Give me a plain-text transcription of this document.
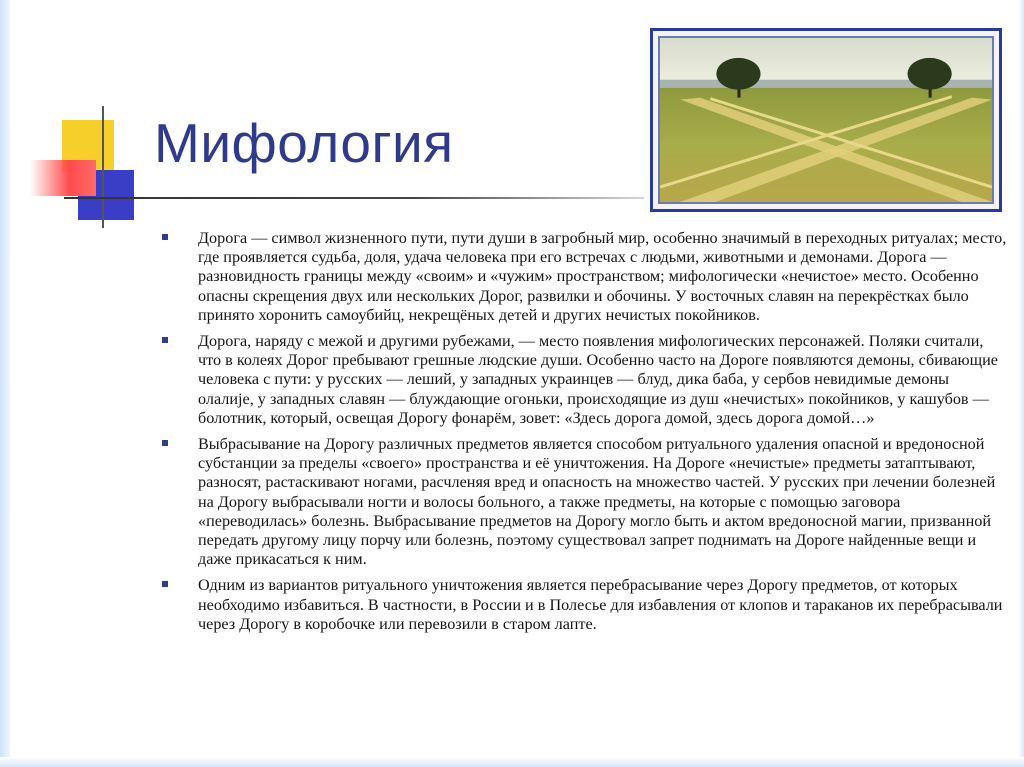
Мифология
Дорога — символ жизненного пути, пути души в загробный мир, особенно значимый в переходных ритуалах; место, где проявляется судьба, доля, удача человека при его встречах с людьми, животными и демонами. Дорога — разновидность границы между «своим» и «чужим» пространством; мифологически «нечистое» место. Особенно опасны скрещения двух или нескольких Дорог, развилки и обочины. У восточных славян на перекрёстках было принято хоронить самоубийц, некрещёных детей и других нечистых покойников.
Дорога, наряду с межой и другими рубежами, — место появления мифологических персонажей. Поляки считали, что в колеях Дорог пребывают грешные людские души. Особенно часто на Дороге появляются демоны, сбивающие человека с пути: у русских — леший, у западных украинцев — блуд, дика баба, у сербов невидимые демоны олалије, у западных славян — блуждающие огоньки, происходящие из душ «нечистых» покойников, у кашубов — болотник, который, освещая Дорогу фонарём, зовет: «Здесь дорога домой, здесь дорога домой…»
Выбрасывание на Дорогу различных предметов является способом ритуального удаления опасной и вредоносной субстанции за пределы «своего» пространства и её уничтожения. На Дороге «нечистые» предметы затаптывают, разносят, растаскивают ногами, расчленяя вред и опасность на множество частей. У русских при лечении болезней на Дорогу выбрасывали ногти и волосы больного, а также предметы, на которые с помощью заговора «переводилась» болезнь. Выбрасывание предметов на Дорогу могло быть и актом вредоносной магии, призванной передать другому лицу порчу или болезнь, поэтому существовал запрет поднимать на Дороге найденные вещи и даже прикасаться к ним.
Одним из вариантов ритуального уничтожения является перебрасывание через Дорогу предметов, от которых необходимо избавиться. В частности, в России и в Полесье для избавления от клопов и тараканов их перебрасывали через Дорогу в коробочке или перевозили в старом лапте.
